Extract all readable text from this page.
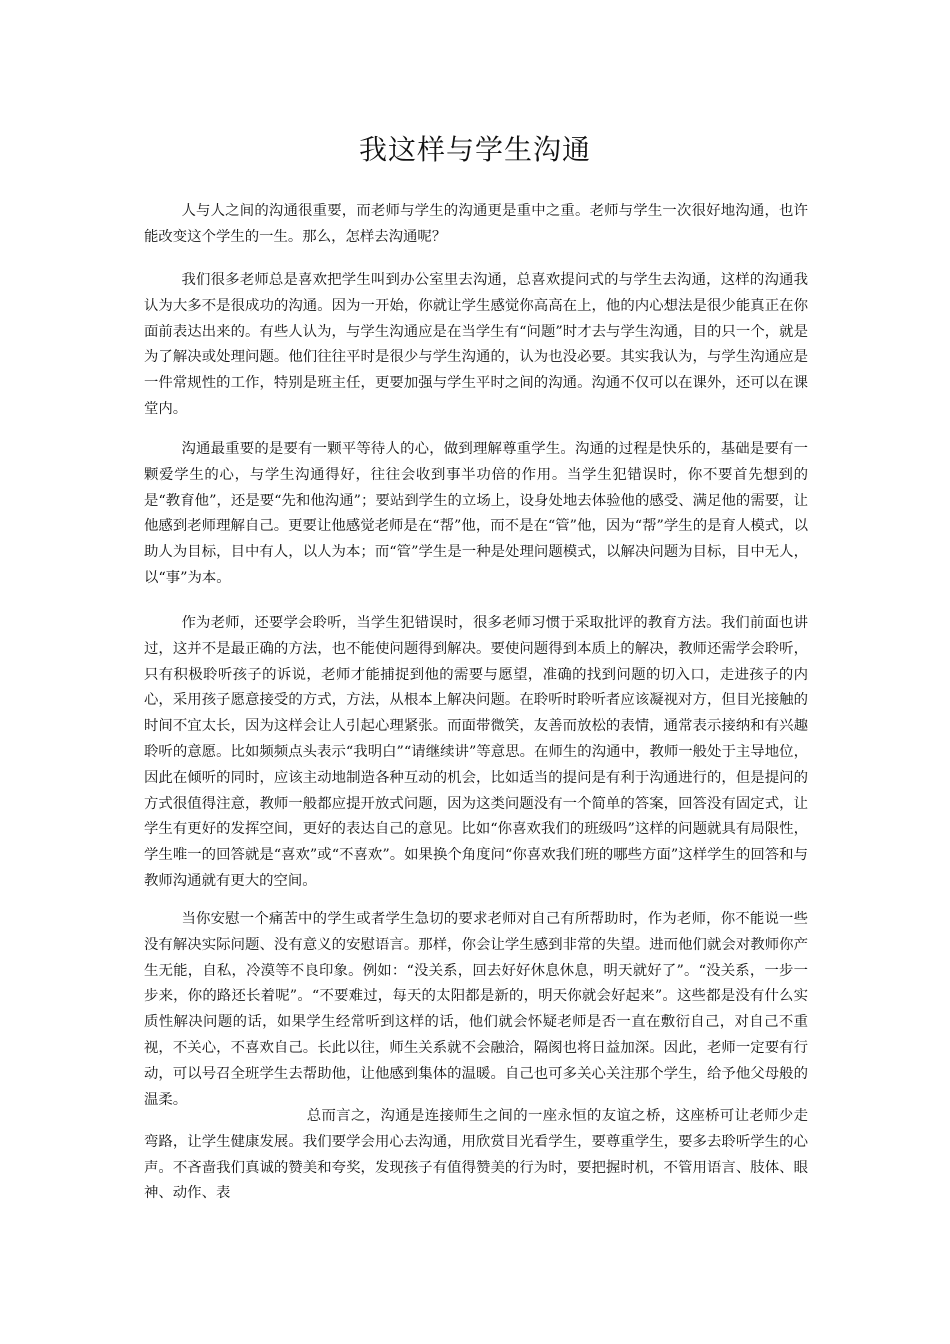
我这样与学生沟通

人与人之间的沟通很重要，而老师与学生的沟通更是重中之重。老师与学生一次很好地沟通，也许能改变这个学生的一生。那么，怎样去沟通呢？

我们很多老师总是喜欢把学生叫到办公室里去沟通，总喜欢提问式的与学生去沟通，这样的沟通我认为大多不是很成功的沟通。因为一开始，你就让学生感觉你高高在上，他的内心想法是很少能真正在你面前表达出来的。有些人认为，与学生沟通应是在当学生有“问题”时才去与学生沟通，目的只一个，就是为了解决或处理问题。他们往往平时是很少与学生沟通的，认为也没必要。其实我认为，与学生沟通应是一件常规性的工作，特别是班主任，更要加强与学生平时之间的沟通。沟通不仅可以在课外，还可以在课堂内。

沟通最重要的是要有一颗平等待人的心，做到理解尊重学生。沟通的过程是快乐的，基础是要有一颗爱学生的心，与学生沟通得好，往往会收到事半功倍的作用。当学生犯错误时，你不要首先想到的是“教育他”，还是要“先和他沟通”；要站到学生的立场上，设身处地去体验他的感受、满足他的需要，让他感到老师理解自己。更要让他感觉老师是在“帮”他，而不是在“管”他，因为“帮”学生的是育人模式，以助人为目标，目中有人，以人为本；而“管”学生是一种是处理问题模式，以解决问题为目标，目中无人，以“事”为本。

作为老师，还要学会聆听，当学生犯错误时，很多老师习惯于采取批评的教育方法。我们前面也讲过，这并不是最正确的方法，也不能使问题得到解决。要使问题得到本质上的解决，教师还需学会聆听，只有积极聆听孩子的诉说，老师才能捕捉到他的需要与愿望，准确的找到问题的切入口，走进孩子的内心，采用孩子愿意接受的方式，方法，从根本上解决问题。在聆听时聆听者应该凝视对方，但目光接触的时间不宜太长，因为这样会让人引起心理紧张。而面带微笑，友善而放松的表情，通常表示接纳和有兴趣聆听的意愿。比如频频点头表示“我明白”“请继续讲”等意思。在师生的沟通中，教师一般处于主导地位，因此在倾听的同时，应该主动地制造各种互动的机会，比如适当的提问是有利于沟通进行的，但是提问的方式很值得注意，教师一般都应提开放式问题，因为这类问题没有一个简单的答案，回答没有固定式，让学生有更好的发挥空间，更好的表达自己的意见。比如“你喜欢我们的班级吗”这样的问题就具有局限性，学生唯一的回答就是“喜欢”或“不喜欢”。如果换个角度问“你喜欢我们班的哪些方面”这样学生的回答和与教师沟通就有更大的空间。

当你安慰一个痛苦中的学生或者学生急切的要求老师对自己有所帮助时，作为老师，你不能说一些没有解决实际问题、没有意义的安慰语言。那样，你会让学生感到非常的失望。进而他们就会对教师你产生无能，自私，冷漠等不良印象。例如：“没关系，回去好好休息休息，明天就好了”。“没关系，一步一步来，你的路还长着呢”。“不要难过，每天的太阳都是新的，明天你就会好起来”。这些都是没有什么实质性解决问题的话，如果学生经常听到这样的话，他们就会怀疑老师是否一直在敷衍自己，对自己不重视，不关心，不喜欢自己。长此以往，师生关系就不会融洽，隔阂也将日益加深。因此，老师一定要有行动，可以号召全班学生去帮助他，让他感到集体的温暖。自己也可多关心关注那个学生，给予他父母般的温柔。

总而言之，沟通是连接师生之间的一座永恒的友谊之桥，这座桥可让老师少走弯路，让学生健康发展。我们要学会用心去沟通，用欣赏目光看学生，要尊重学生，要多去聆听学生的心声。不吝啬我们真诚的赞美和夸奖，发现孩子有值得赞美的行为时，要把握时机，不管用语言、肢体、眼神、动作、表
